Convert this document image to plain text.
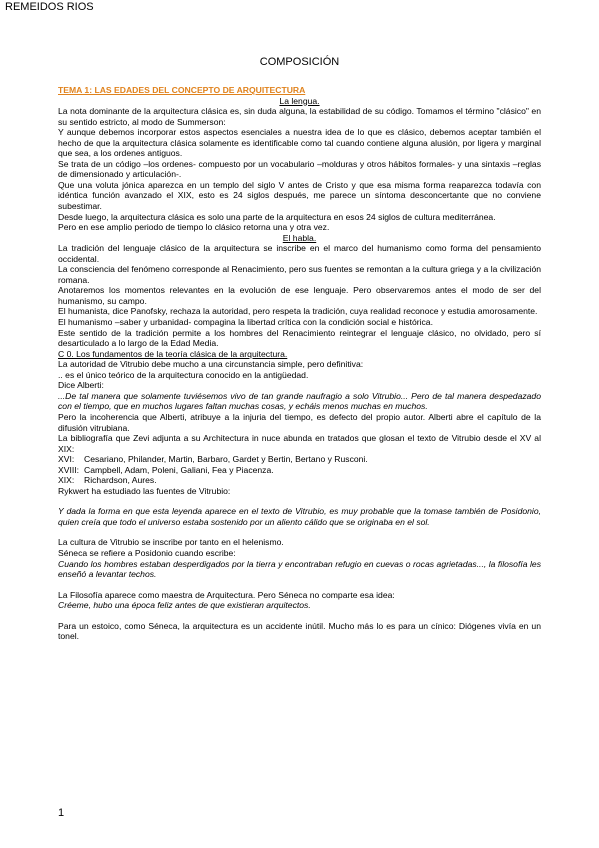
REMEIDOS RIOS
COMPOSICIÓN

TEMA 1: LAS EDADES DEL CONCEPTO DE ARQUITECTURA

La lengua.

La nota dominante de la arquitectura clásica es, sin duda alguna, la estabilidad de su código. Tomamos el término "clásico" en su sentido estricto, al modo de Summerson:

Y aunque debemos incorporar estos aspectos esenciales a nuestra idea de lo que es clásico, debemos aceptar también el hecho de que la arquitectura clásica solamente es identificable como tal cuando contiene alguna alusión, por ligera y marginal que sea, a los ordenes antiguos.

Se trata de un código –los ordenes- compuesto por un vocabulario –molduras y otros hábitos formales- y una sintaxis –reglas de dimensionado y articulación-.

Que una voluta jónica aparezca en un templo del siglo V antes de Cristo y que esa misma forma reaparezca todavía con idéntica función avanzado el XIX, esto es 24 siglos después, me parece un síntoma desconcertante que no conviene subestimar.

Desde luego, la arquitectura clásica es solo una parte de la arquitectura en esos 24 siglos de cultura mediterránea.

Pero en ese amplio periodo de tiempo lo clásico retorna una y otra vez.

El habla.

La tradición del lenguaje clásico de la arquitectura se inscribe en el marco del humanismo como forma del pensamiento occidental.

La consciencia del fenómeno corresponde al Renacimiento, pero sus fuentes se remontan a la cultura griega y a la civilización romana.

Anotaremos los momentos relevantes en la evolución de ese lenguaje. Pero observaremos antes el modo de ser del humanismo, su campo.

El humanista, dice Panofsky, rechaza la autoridad, pero respeta la tradición, cuya realidad reconoce y estudia amorosamente.

El humanismo –saber y urbanidad- compagina la libertad crítica con la condición social e histórica.

Este sentido de la tradición permite a los hombres del Renacimiento reintegrar el lenguaje clásico, no olvidado, pero sí desarticulado a lo largo de la Edad Media.

C 0. Los fundamentos de la teoría clásica de la arquitectura.

La autoridad de Vitrubio debe mucho a una circunstancia simple, pero definitiva:

.. es el único teórico de la arquitectura conocido en la antigüedad.

Dice Alberti:

...De tal manera que solamente tuviésemos vivo de tan grande naufragio a solo Vitrubio... Pero de tal manera despedazado con el tiempo, que en muchos lugares faltan muchas cosas, y echáis menos muchas en muchos.

Pero la incoherencia que Alberti, atribuye a la injuria del tiempo, es defecto del propio autor. Alberti abre el capítulo de la difusión vitrubiana.

La bibliografía que Zevi adjunta a su Architectura in nuce abunda en tratados que glosan el texto de Vitrubio desde el XV al XIX:

XVI: Cesariano, Philander, Martin, Barbaro, Gardet y Bertin, Bertano y Rusconi.

XVIII: Campbell, Adam, Poleni, Galiani, Fea y Piacenza.

XIX: Richardson, Aures.

Rykwert ha estudiado las fuentes de Vitrubio:

Y dada la forma en que esta leyenda aparece en el texto de Vitrubio, es muy probable que la tomase también de Posidonio, quien creía que todo el universo estaba sostenido por un aliento cálido que se originaba en el sol.

La cultura de Vitrubio se inscribe por tanto en el helenismo.

Séneca se refiere a Posidonio cuando escribe:

Cuando los hombres estaban desperdigados por la tierra y encontraban refugio en cuevas o rocas agrietadas..., la filosofía les enseñó a levantar techos.

La Filosofía aparece como maestra de Arquitectura. Pero Séneca no comparte esa idea:

Créeme, hubo una época feliz antes de que existieran arquitectos.

Para un estoico, como Séneca, la arquitectura es un accidente inútil. Mucho más lo es para un cínico: Diógenes vivía en un tonel.

1
